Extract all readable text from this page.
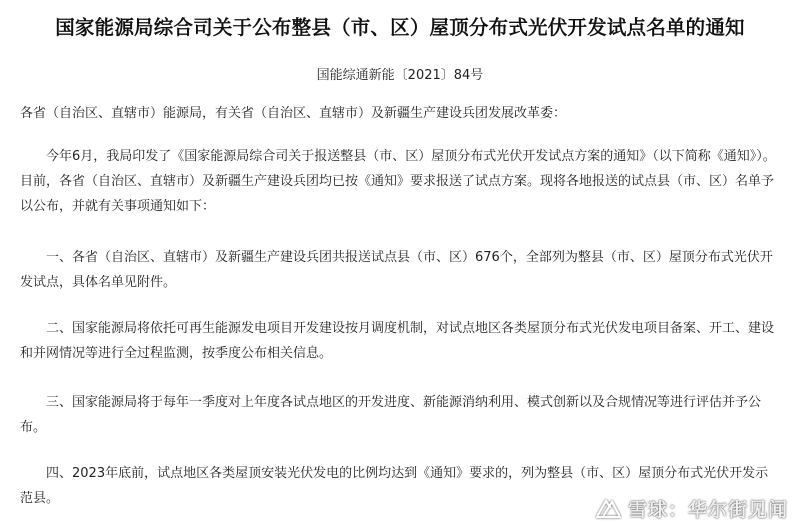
国家能源局综合司关于公布整县（市、区）屋顶分布式光伏开发试点名单的通知
国能综通新能〔2021〕84号

各省（自治区、直辖市）能源局，有关省（自治区、直辖市）及新疆生产建设兵团发展改革委：

今年6月，我局印发了《国家能源局综合司关于报送整县（市、区）屋顶分布式光伏开发试点方案的通知》（以下简称《通知》）。目前，各省（自治区、直辖市）及新疆生产建设兵团均已按《通知》要求报送了试点方案。现将各地报送的试点县（市、区）名单予以公布，并就有关事项通知如下：

一、各省（自治区、直辖市）及新疆生产建设兵团共报送试点县（市、区）676个，全部列为整县（市、区）屋顶分布式光伏开发试点，具体名单见附件。

二、国家能源局将依托可再生能源发电项目开发建设按月调度机制，对试点地区各类屋顶分布式光伏发电项目备案、开工、建设和并网情况等进行全过程监测，按季度公布相关信息。

三、国家能源局将于每年一季度对上年度各试点地区的开发进度、新能源消纳利用、模式创新以及合规情况等进行评估并予公布。

四、2023年底前，试点地区各类屋顶安装光伏发电的比例均达到《通知》要求的，列为整县（市、区）屋顶分布式光伏开发示范县。	雪球：华尔街见闻
